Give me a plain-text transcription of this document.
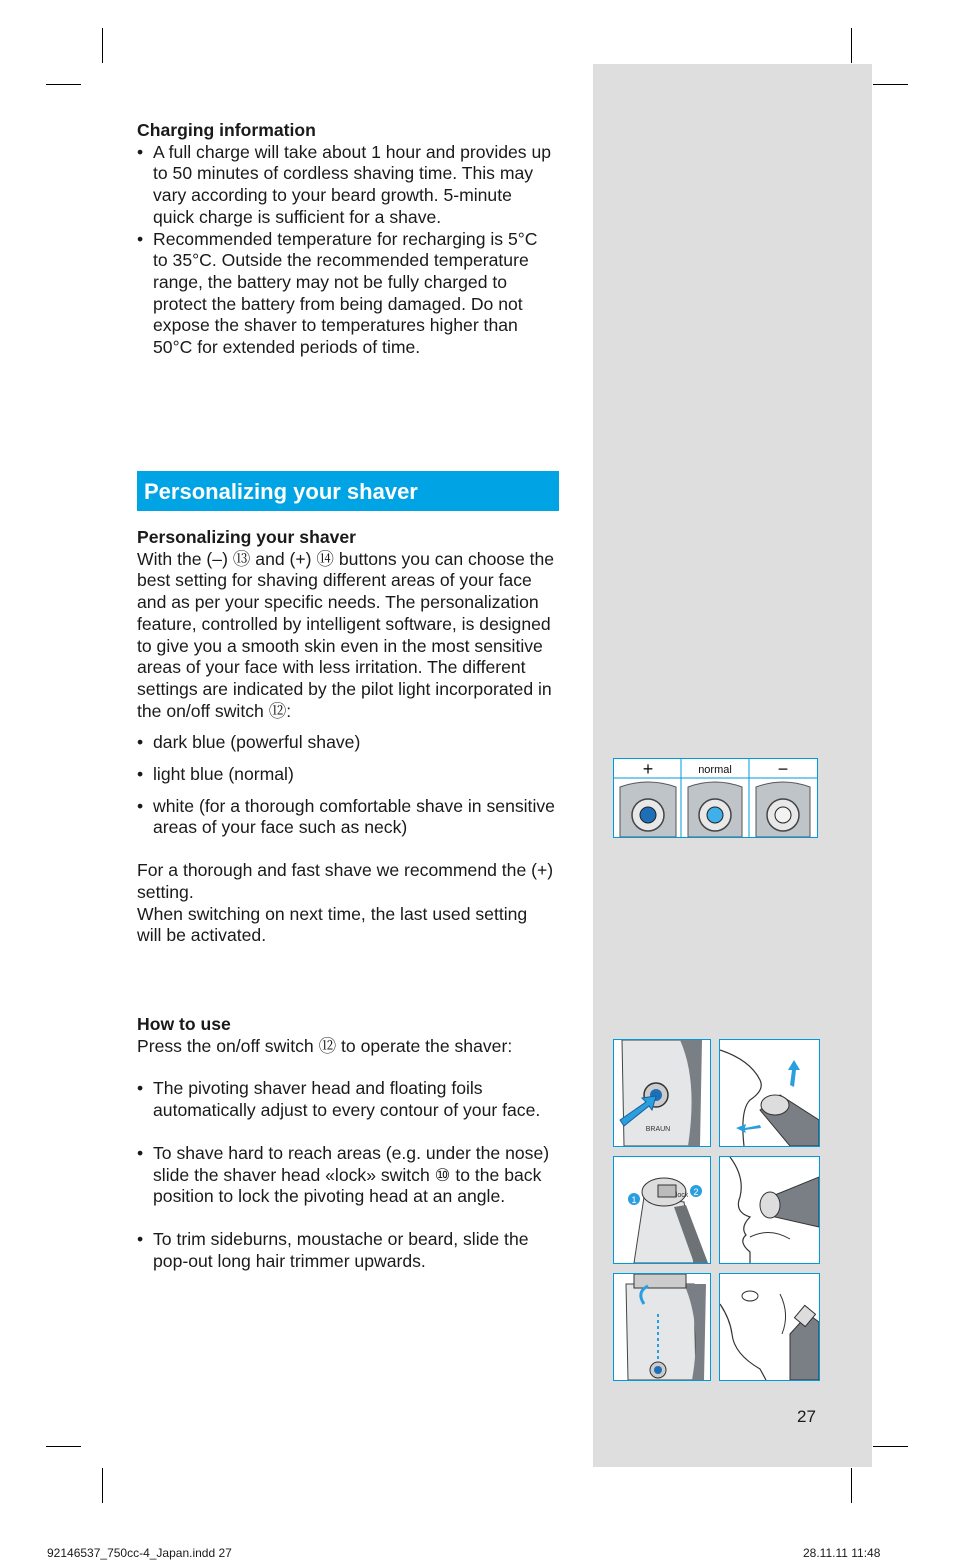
Charging information

• A full charge will take about 1 hour and provides up to 50 minutes of cordless shaving time. This may vary according to your beard growth. 5-minute quick charge is sufficient for a shave.
• Recommended temperature for recharging is 5°C to 35°C. Outside the recommended temperature range, the battery may not be fully charged to protect the battery from being damaged. Do not expose the shaver to temperatures higher than 50°C for extended periods of time.
Personalizing your shaver

Personalizing your shaver

With the (–) ⑬ and (+) ⑭ buttons you can choose the best setting for shaving different areas of your face and as per your specific needs. The personalization feature, controlled by intelligent software, is designed to give you a smooth skin even in the most sensitive areas of your face with less irritation. The different settings are indicated by the pilot light incorporated in the on/off switch ⑫:

• dark blue (powerful shave)
• light blue (normal)
• white (for a thorough comfortable shave in sensitive areas of your face such as neck)

For a thorough and fast shave we recommend the (+) setting.

When switching on next time, the last used setting will be activated.

How to use

Press the on/off switch ⑫ to operate the shaver:

• The pivoting shaver head and floating foils automatically adjust to every contour of your face.
• To shave hard to reach areas (e.g. under the nose) slide the shaver head «lock» switch ⑩ to the back position to lock the pivoting head at an angle.
• To trim sideburns, moustache or beard, slide the pop-out long hair trimmer upwards.
+	normal	−
BRAUN
1	lock 2
27
92146537_750cc-4_Japan.indd 27	28.11.11 11:48
